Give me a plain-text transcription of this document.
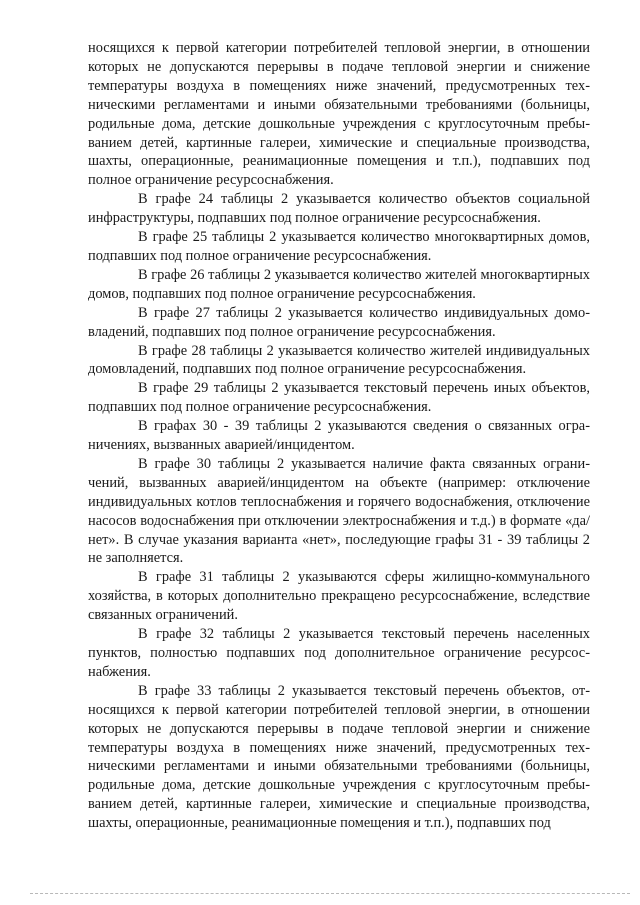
носящихся к первой категории потребителей тепловой энергии, в отношении которых не допускаются перерывы в подаче тепловой энергии и снижение температуры воздуха в помещениях ниже значений, предусмотренных техническими регламентами и иными обязательными требованиями (больницы, родильные дома, детские дошкольные учреждения с круглосуточным пребыванием детей, картинные галереи, химические и специальные производства, шахты, операционные, реанимационные помещения и т.п.), подпавших под полное ограничение ресурсоснабжения.

В графе 24 таблицы 2 указывается количество объектов социальной инфраструктуры, подпавших под полное ограничение ресурсоснабжения.

В графе 25 таблицы 2 указывается количество многоквартирных домов, подпавших под полное ограничение ресурсоснабжения.

В графе 26 таблицы 2 указывается количество жителей многоквартирных домов, подпавших под полное ограничение ресурсоснабжения.

В графе 27 таблицы 2 указывается количество индивидуальных домовладений, подпавших под полное ограничение ресурсоснабжения.

В графе 28 таблицы 2 указывается количество жителей индивидуальных домовладений, подпавших под полное ограничение ресурсоснабжения.

В графе 29 таблицы 2 указывается текстовый перечень иных объектов, подпавших под полное ограничение ресурсоснабжения.

В графах 30 - 39 таблицы 2 указываются сведения о связанных ограничениях, вызванных аварией/инцидентом.

В графе 30 таблицы 2 указывается наличие факта связанных ограничений, вызванных аварией/инцидентом на объекте (например: отключение индивидуальных котлов теплоснабжения и горячего водоснабжения, отключение насосов водоснабжения при отключении электроснабжения и т.д.) в формате «да/нет». В случае указания варианта «нет», последующие графы 31 - 39 таблицы 2 не заполняется.

В графе 31 таблицы 2 указываются сферы жилищно-коммунального хозяйства, в которых дополнительно прекращено ресурсоснабжение, вследствие связанных ограничений.

В графе 32 таблицы 2 указывается текстовый перечень населенных пунктов, полностью подпавших под дополнительное ограничение ресурсоснабжения.

В графе 33 таблицы 2 указывается текстовый перечень объектов, относящихся к первой категории потребителей тепловой энергии, в отношении которых не допускаются перерывы в подаче тепловой энергии и снижение температуры воздуха в помещениях ниже значений, предусмотренных техническими регламентами и иными обязательными требованиями (больницы, родильные дома, детские дошкольные учреждения с круглосуточным пребыванием детей, картинные галереи, химические и специальные производства, шахты, операционные, реанимационные помещения и т.п.), подпавших под
